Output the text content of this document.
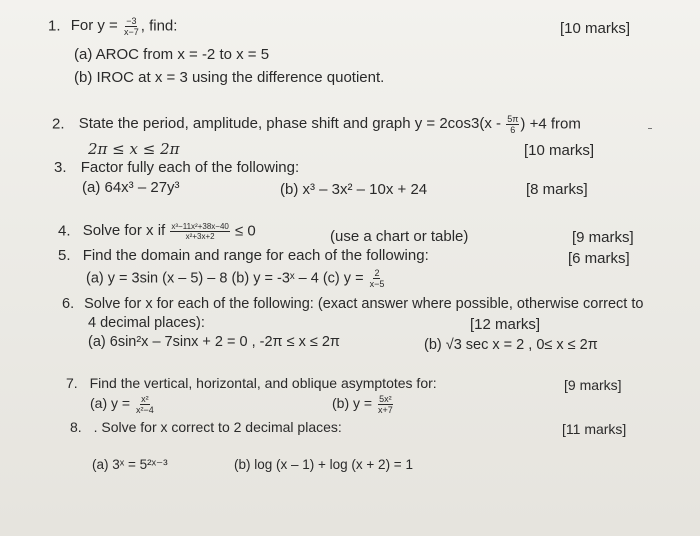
1. For $y = \frac{-3}{x-7}$ , find:	[10 marks]
(a) AROC from x = -2 to x = 5
(b) IROC at x = 3 using the difference quotient.
2. State the period, amplitude, phase shift and graph $y = 2\cos 3(x - \frac{5\pi}{6}$ ) +4 from
2π ≤ x ≤ 2π	[10 marks]
3. Factor fully each of the following:
(a) 64x³ – 27y³	(b) x³ – 3x² – 10x + 24	[8 marks]
4. Solve for x if $\frac{\text{x³−11x²+38x−40}}{\text{x²+3x+2}} \le 0$	(use a chart or table)	[9 marks]
5. Find the domain and range for each of the following:	[6 marks]
(a) y = 3sin (x – 5) – 8 (b) y = -3ˣ – 4 (c) $y = \frac{2}{x-5}$
6. Solve for x for each of the following: (exact answer where possible, otherwise correct to
4 decimal places):	[12 marks]
(a) 6sin²x – 7sinx + 2 = 0 , -2π ≤ x ≤ 2π	(b) √3 sec x = 2 , 0≤ x ≤ 2π
7. Find the vertical, horizontal, and oblique asymptotes for:	[9 marks]
(a) $y = \frac{\text{x²}}{\text{x²−4}}$	(b) $y = \frac{\text{5x²}}{x+7}$
8. . Solve for x correct to 2 decimal places:	[11 marks]
(a) 3ˣ = 5²ˣ⁻³	(b) log (x – 1) + log (x + 2) = 1
